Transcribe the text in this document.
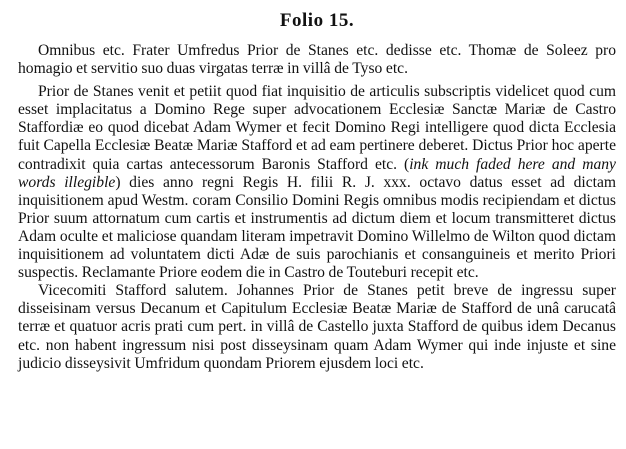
Folio 15.

Omnibus etc. Frater Umfredus Prior de Stanes etc. dedisse etc. Thomæ de Soleez pro homagio et servitio suo duas virgatas terræ in villâ de Tyso etc.

Prior de Stanes venit et petiit quod fiat inquisitio de articulis subscriptis videlicet quod cum esset implacitatus a Domino Rege super advocationem Ecclesiæ Sanctæ Mariæ de Castro Staffordiæ eo quod dicebat Adam Wymer et fecit Domino Regi intelligere quod dicta Ecclesia fuit Capella Ecclesiæ Beatæ Mariæ Stafford et ad eam pertinere deberet. Dictus Prior hoc aperte contradixit quia cartas antecessorum Baronis Stafford etc. (ink much faded here and many words illegible) dies anno regni Regis H. filii R. J. xxx. octavo datus esset ad dictam inquisitionem apud Westm. coram Consilio Domini Regis omnibus modis recipiendam et dictus Prior suum attornatum cum cartis et instrumentis ad dictum diem et locum transmitteret dictus Adam oculte et maliciose quandam literam impetravit Domino Willelmo de Wilton quod dictam inquisitionem ad voluntatem dicti Adæ de suis parochianis et consanguineis et merito Priori suspectis. Reclamante Priore eodem die in Castro de Touteburi recepit etc.

Vicecomiti Stafford salutem. Johannes Prior de Stanes petit breve de ingressu super disseisinam versus Decanum et Capitulum Ecclesiæ Beatæ Mariæ de Stafford de unâ carucatâ terræ et quatuor acris prati cum pert. in villâ de Castello juxta Stafford de quibus idem Decanus etc. non habent ingressum nisi post disseysinam quam Adam Wymer qui inde injuste et sine judicio disseysivit Umfridum quondam Priorem ejusdem loci etc.
